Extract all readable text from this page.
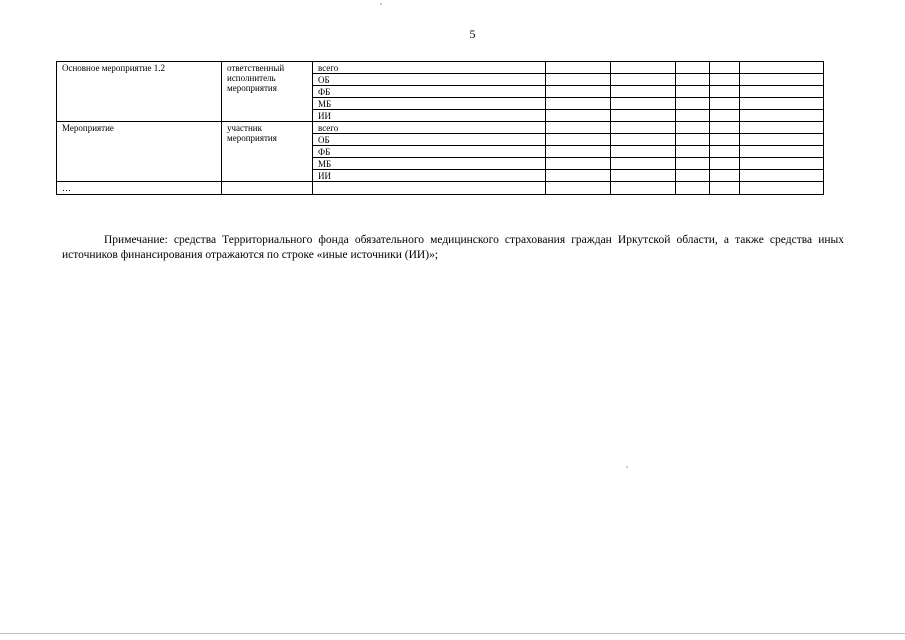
5
Основное мероприятие 1.2	ответственный исполнитель мероприятия	всего					
		ОБ					
		ФБ					
		МБ					
		ИИ					
Мероприятие	участник мероприятия	всего					
		ОБ					
		ФБ					
		МБ					
		ИИ					
…							

Примечание: средства Территориального фонда обязательного медицинского страхования граждан Иркутской области, а также средства иных источников финансирования отражаются по строке «иные источники (ИИ)»;
